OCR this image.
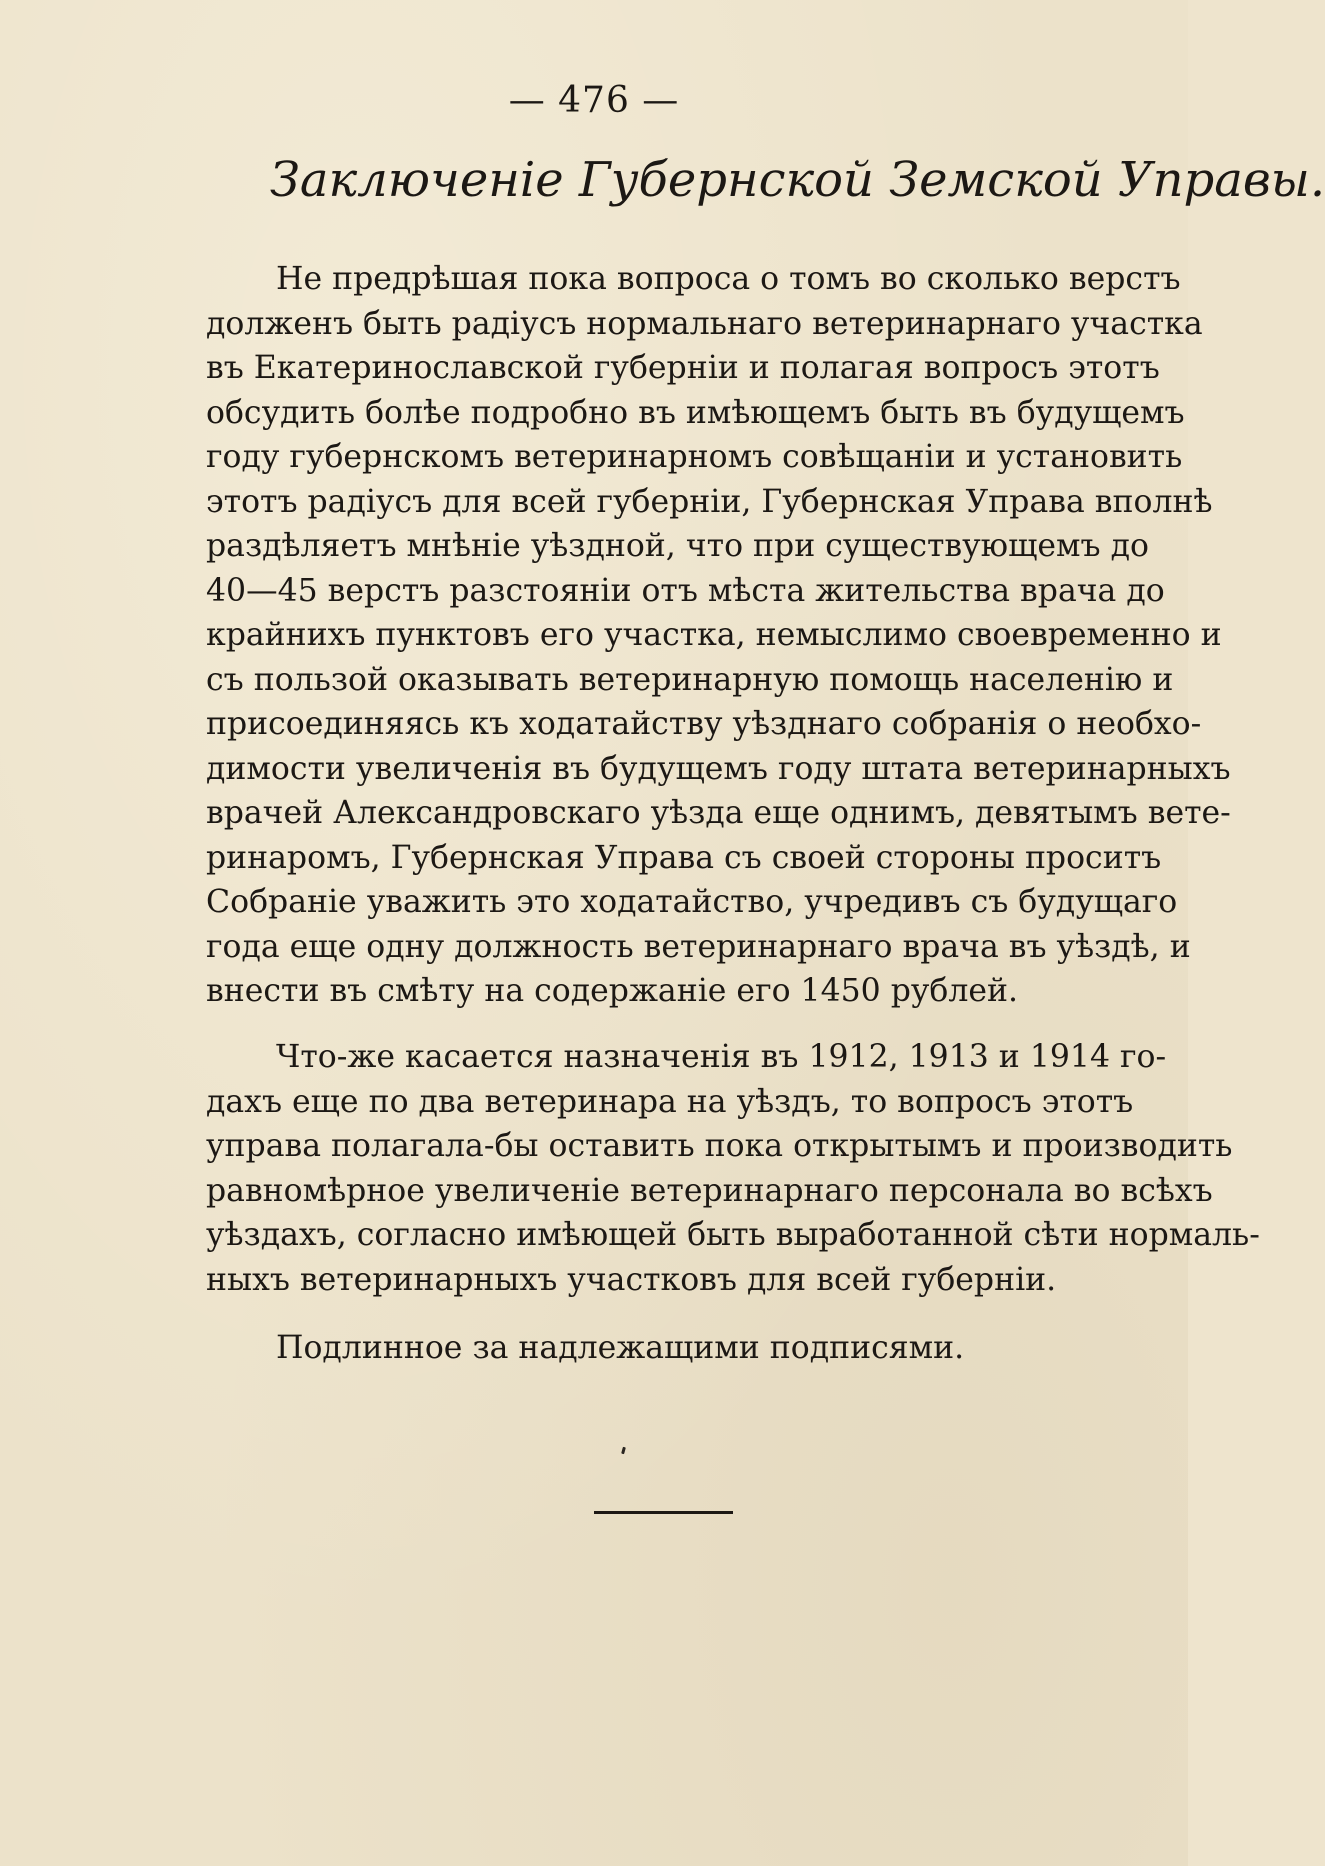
— 476 —
Заключеніе Губернской Земской Управы.
Не предрѣшая пока вопроса о томъ во сколько верстъ
долженъ быть радіусъ нормальнаго ветеринарнаго участка
въ Екатеринославской губерніи и полагая вопросъ этотъ
обсудить болѣе подробно въ имѣющемъ быть въ будущемъ
году губернскомъ ветеринарномъ совѣщаніи и установить
этотъ радіусъ для всей губерніи, Губернская Управа вполнѣ
раздѣляетъ мнѣніе уѣздной, что при существующемъ до
40—45 верстъ разстояніи отъ мѣста жительства врача до
крайнихъ пунктовъ его участка, немыслимо своевременно и
съ пользой оказывать ветеринарную помощь населенію и
присоединяясь къ ходатайству уѣзднаго собранія о необхо-
димости увеличенія въ будущемъ году штата ветеринарныхъ
врачей Александровскаго уѣзда еще однимъ, девятымъ вете-
ринаромъ, Губернская Управа съ своей стороны проситъ
Собраніе уважить это ходатайство, учредивъ съ будущаго
года еще одну должность ветеринарнаго врача въ уѣздѣ, и
внести въ смѣту на содержаніе его 1450 рублей.
Что-же касается назначенія въ 1912, 1913 и 1914 го-
дахъ еще по два ветеринара на уѣздъ, то вопросъ этотъ
управа полагала-бы оставить пока открытымъ и производить
равномѣрное увеличеніе ветеринарнаго персонала во всѣхъ
уѣздахъ, согласно имѣющей быть выработанной сѣти нормаль-
ныхъ ветеринарныхъ участковъ для всей губерніи.
Подлинное за надлежащими подписями.
